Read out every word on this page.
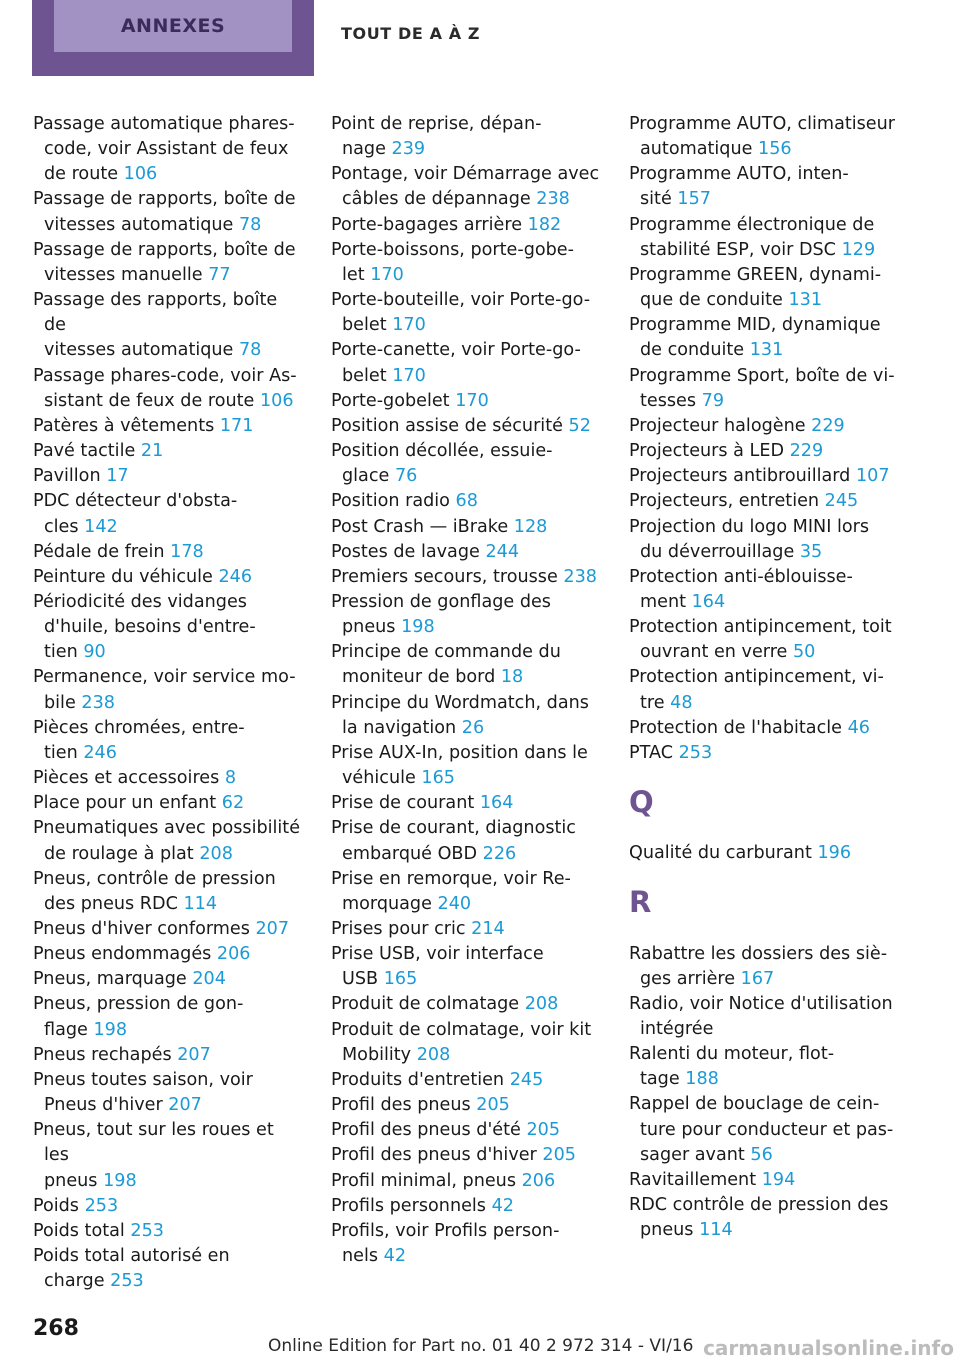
ANNEXES	TOUT DE A À Z
Passage automatique phares-
code, voir Assistant de feux
de route 106
Passage de rapports, boîte de
vitesses automatique 78
Passage de rapports, boîte de
vitesses manuelle 77
Passage des rapports, boîte de
vitesses automatique 78
Passage phares-code, voir As-
sistant de feux de route 106
Patères à vêtements 171
Pavé tactile 21
Pavillon 17
PDC détecteur d'obsta-
cles 142
Pédale de frein 178
Peinture du véhicule 246
Périodicité des vidanges
d'huile, besoins d'entre-
tien 90
Permanence, voir service mo-
bile 238
Pièces chromées, entre-
tien 246
Pièces et accessoires 8
Place pour un enfant 62
Pneumatiques avec possibilité
de roulage à plat 208
Pneus, contrôle de pression
des pneus RDC 114
Pneus d'hiver conformes 207
Pneus endommagés 206
Pneus, marquage 204
Pneus, pression de gon-
flage 198
Pneus rechapés 207
Pneus toutes saison, voir
Pneus d'hiver 207
Pneus, tout sur les roues et les
pneus 198
Poids 253
Poids total 253
Poids total autorisé en
charge 253
Point de reprise, dépan-
nage 239
Pontage, voir Démarrage avec
câbles de dépannage 238
Porte-bagages arrière 182
Porte-boissons, porte-gobe-
let 170
Porte-bouteille, voir Porte-go-
belet 170
Porte-canette, voir Porte-go-
belet 170
Porte-gobelet 170
Position assise de sécurité 52
Position décollée, essuie-
glace 76
Position radio 68
Post Crash — iBrake 128
Postes de lavage 244
Premiers secours, trousse 238
Pression de gonflage des
pneus 198
Principe de commande du
moniteur de bord 18
Principe du Wordmatch, dans
la navigation 26
Prise AUX-In, position dans le
véhicule 165
Prise de courant 164
Prise de courant, diagnostic
embarqué OBD 226
Prise en remorque, voir Re-
morquage 240
Prises pour cric 214
Prise USB, voir interface
USB 165
Produit de colmatage 208
Produit de colmatage, voir kit
Mobility 208
Produits d'entretien 245
Profil des pneus 205
Profil des pneus d'été 205
Profil des pneus d'hiver 205
Profil minimal, pneus 206
Profils personnels 42
Profils, voir Profils person-
nels 42
Programme AUTO, climatiseur
automatique 156
Programme AUTO, inten-
sité 157
Programme électronique de
stabilité ESP, voir DSC 129
Programme GREEN, dynami-
que de conduite 131
Programme MID, dynamique
de conduite 131
Programme Sport, boîte de vi-
tesses 79
Projecteur halogène 229
Projecteurs à LED 229
Projecteurs antibrouillard 107
Projecteurs, entretien 245
Projection du logo MINI lors
du déverrouillage 35
Protection anti-éblouisse-
ment 164
Protection antipincement, toit
ouvrant en verre 50
Protection antipincement, vi-
tre 48
Protection de l'habitacle 46
PTAC 253
Q
Qualité du carburant 196
R
Rabattre les dossiers des siè-
ges arrière 167
Radio, voir Notice d'utilisation
intégrée
Ralenti du moteur, flot-
tage 188
Rappel de bouclage de cein-
ture pour conducteur et pas-
sager avant 56
Ravitaillement 194
RDC contrôle de pression des
pneus 114
268
Online Edition for Part no. 01 40 2 972 314 - VI/16 carmanualsonline.info
